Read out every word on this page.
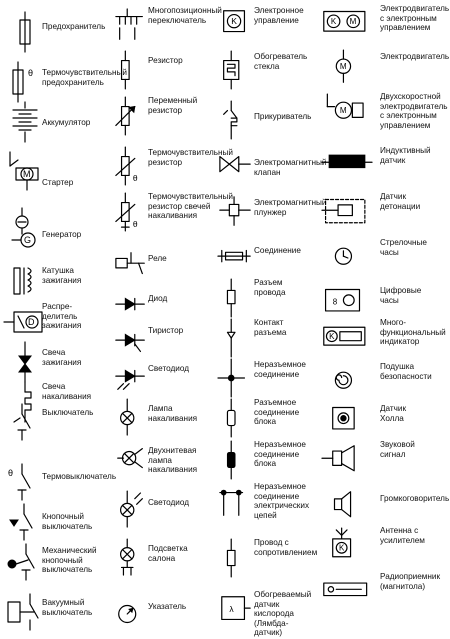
Предохранитель
θ Термочувствительный
предохранитель
Аккумулятор
M
Стартер
G
Генератор
Катушка
зажигания
D
Распре-
делитель
зажигания
Свеча
зажигания
Свеча
накаливания
Выключатель
θ	Термовыключатель
Кнопочный
выключатель
Механический
кнопочный
выключатель
Вакуумный
выключатель
Многопозиционный
переключатель
Резистор
Переменный
резистор
θ
Термочувствительный
резистор
θ
Термочувствительный
резистор свечей
накаливания
Реле
Диод
Тиристор
Светодиод
Лампа
накаливания
Двухнитевая
лампа
накаливания
Светодиод
Подсветка
салона
Указатель
K
Электронное
управление
Обогреватель
стекла
Прикуриватель
Электромагнитный
клапан
Электромагнитный
плунжер
Соединение
Разъем
провода
Контакт
разъема
Неразъемное
соединение
Разъемное
соединение
блока
Неразъемное
соединение
блока
Неразъемное
соединение
электрических
цепей
Провод с
сопротивлением
λ
Обогреваемый
датчик кислорода
(Лямбда-датчик)
K M
Электродвигатель
с электронным
управлением
M
Электродвигатель
M
Двухскоростной
электродвигатель
с электронным
управлением
Индуктивный
датчик
Датчик
детонации
Стрелочные
часы
8
Цифровые
часы
K
Много-
функциональный
индикатор
Подушка
безопасности
Датчик
Холла
Звуковой
сигнал
Громкоговоритель
K
Антенна с
усилителем
Радиоприемник
(магнитола)
